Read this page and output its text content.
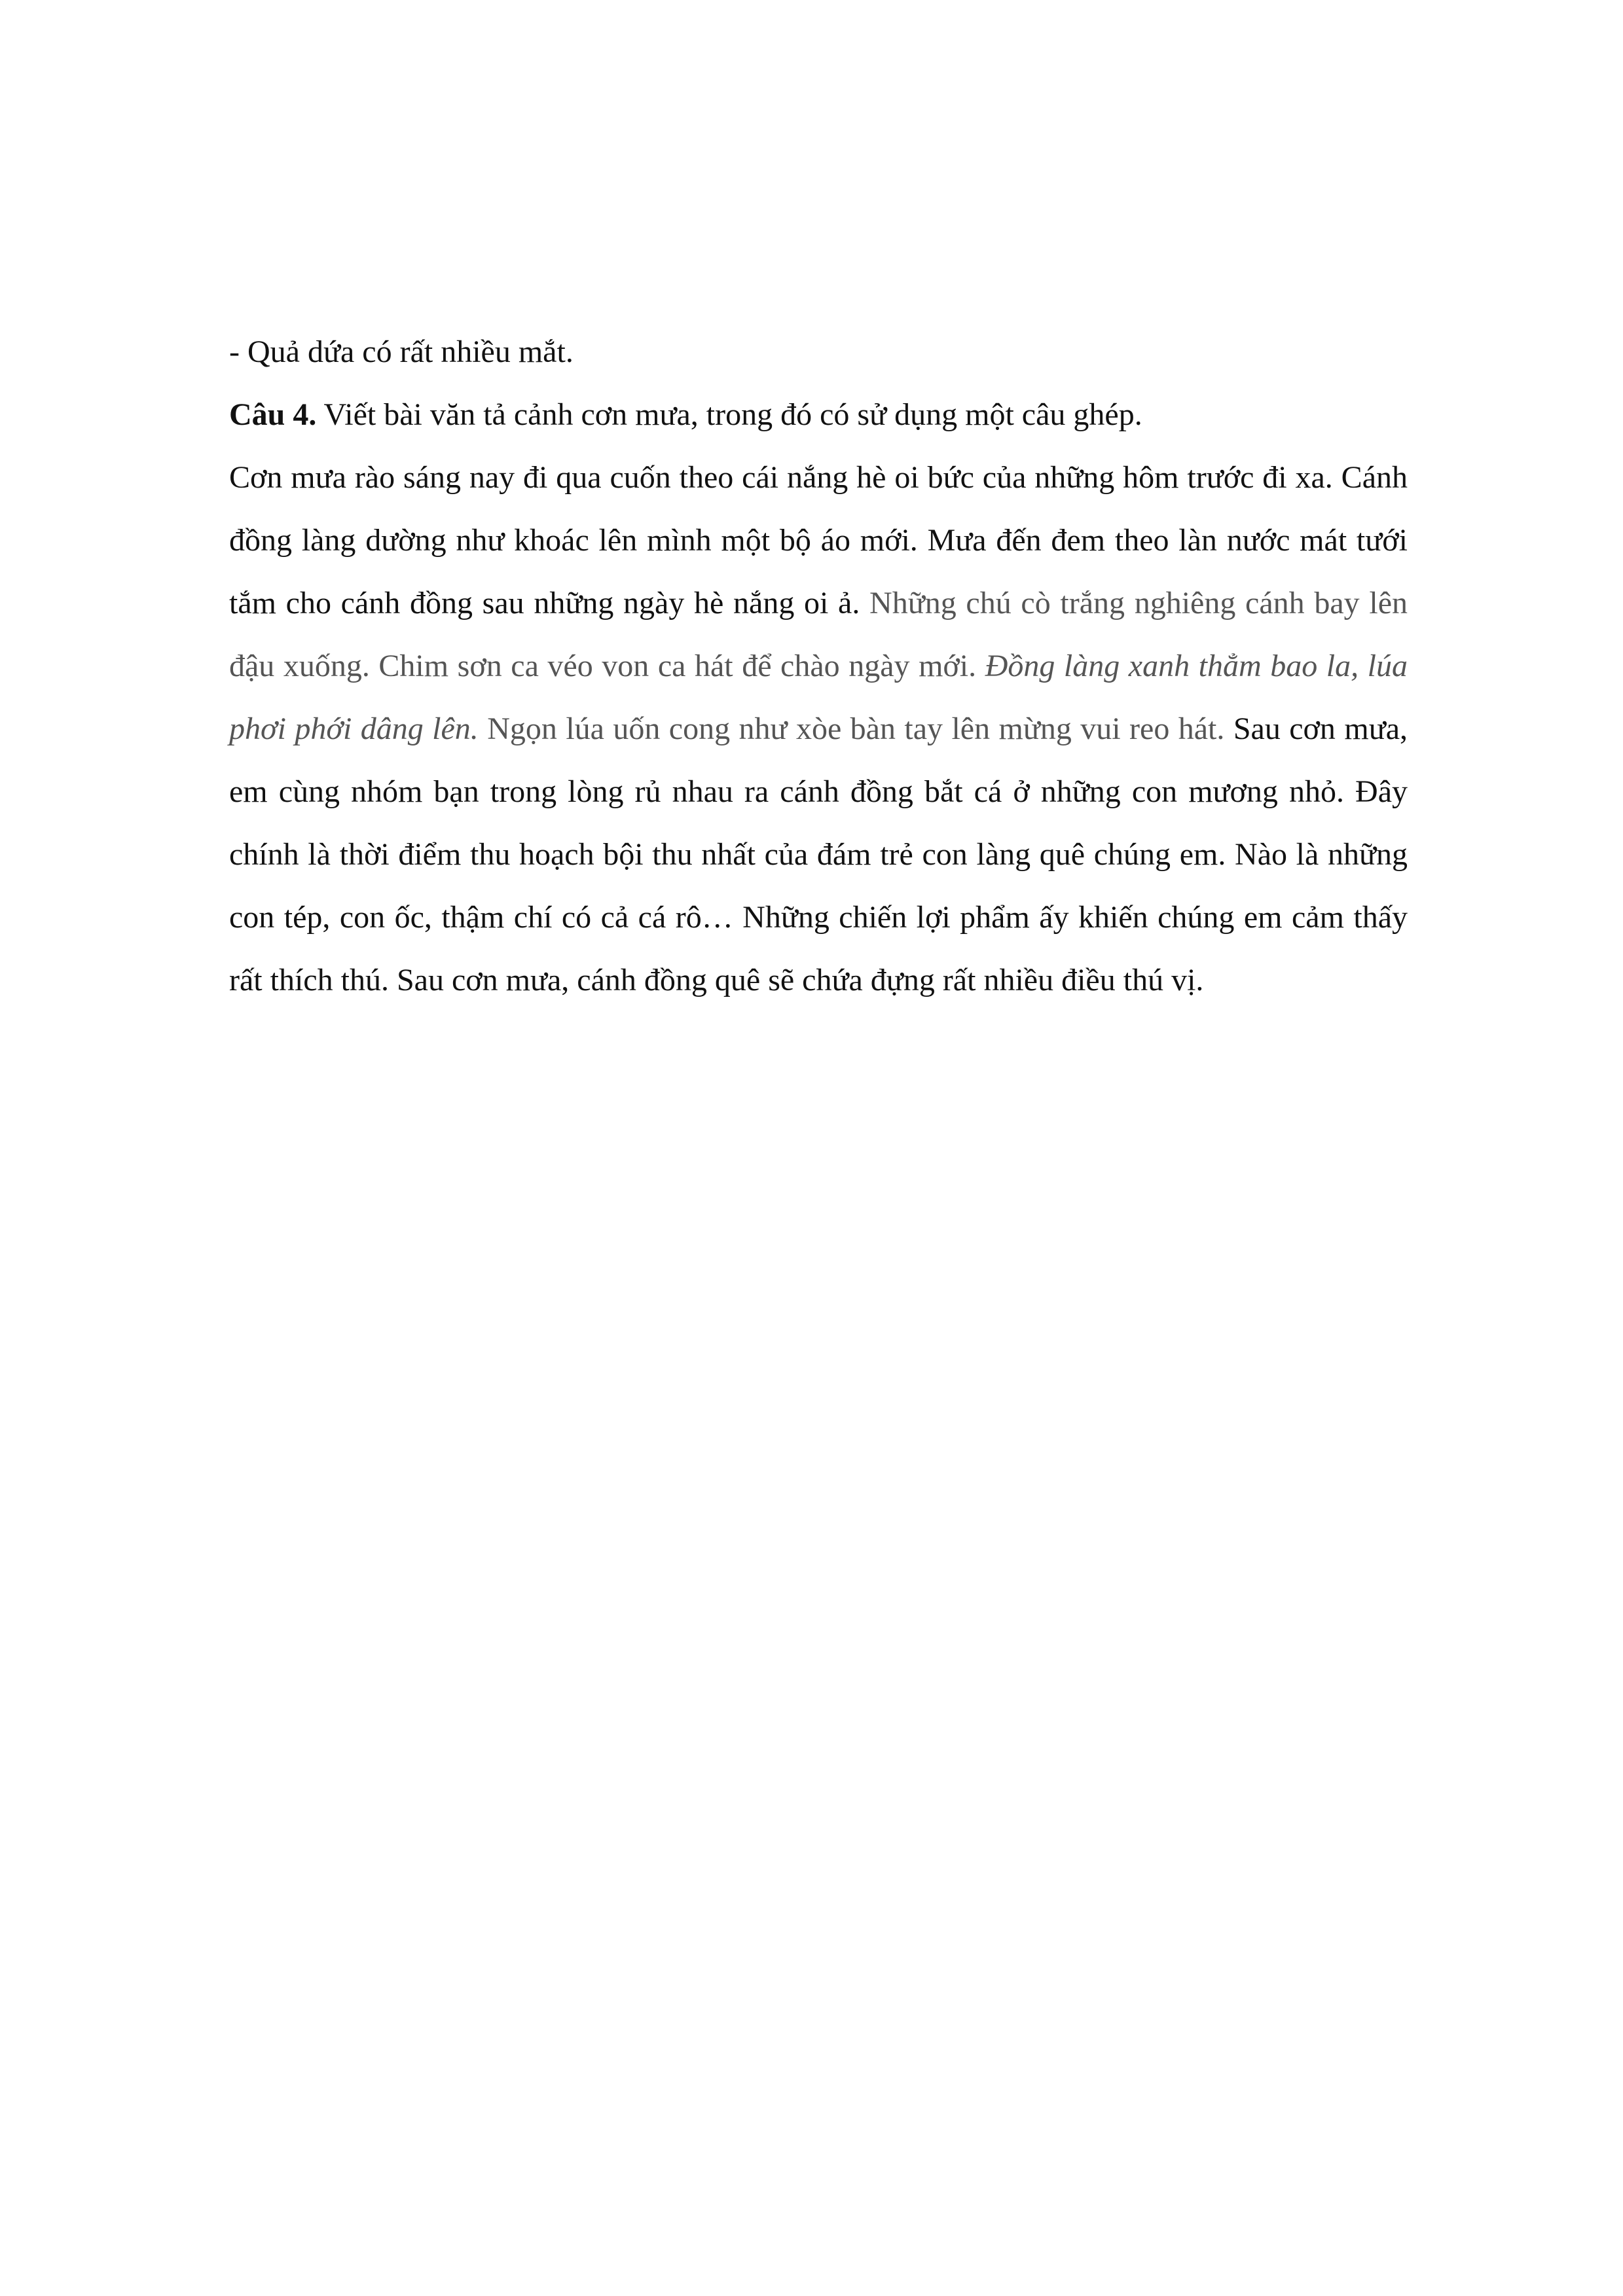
- Quả dứa có rất nhiều mắt.

Câu 4. Viết bài văn tả cảnh cơn mưa, trong đó có sử dụng một câu ghép.

Cơn mưa rào sáng nay đi qua cuốn theo cái nắng hè oi bức của những hôm trước đi xa. Cánh đồng làng dường như khoác lên mình một bộ áo mới. Mưa đến đem theo làn nước mát tưới tắm cho cánh đồng sau những ngày hè nắng oi ả. Những chú cò trắng nghiêng cánh bay lên đậu xuống. Chim sơn ca véo von ca hát để chào ngày mới. Đồng làng xanh thẳm bao la, lúa phơi phới dâng lên. Ngọn lúa uốn cong như xòe bàn tay lên mừng vui reo hát. Sau cơn mưa, em cùng nhóm bạn trong lòng rủ nhau ra cánh đồng bắt cá ở những con mương nhỏ. Đây chính là thời điểm thu hoạch bội thu nhất của đám trẻ con làng quê chúng em. Nào là những con tép, con ốc, thậm chí có cả cá rô… Những chiến lợi phẩm ấy khiến chúng em cảm thấy rất thích thú. Sau cơn mưa, cánh đồng quê sẽ chứa đựng rất nhiều điều thú vị.
